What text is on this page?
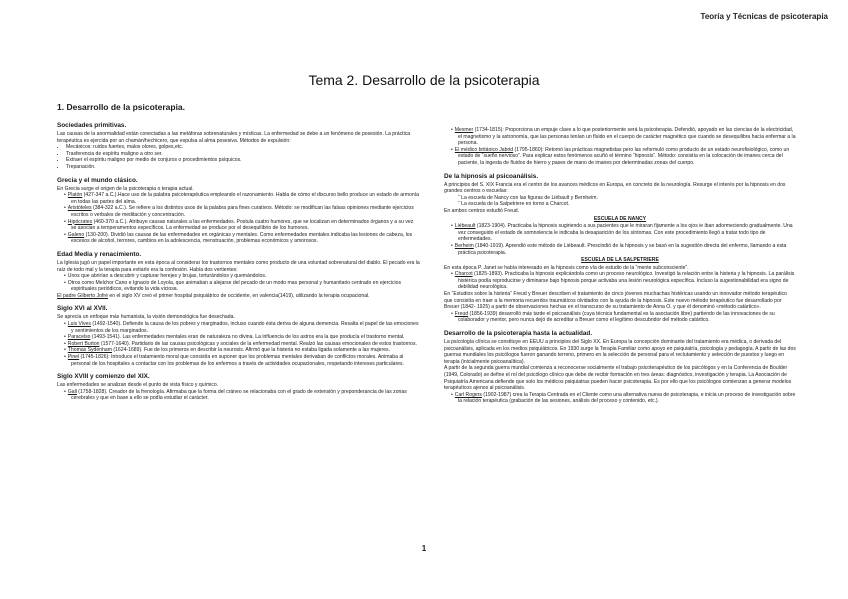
Teoría y Técnicas de psicoterapia
Tema 2. Desarrollo de la psicoterapia
1. Desarrollo de la psicoterapia.
Sociedades primitivas.

Las causas de la anormalidad están conectadas a las metáforas sobrenaturales y místicas. La enfermedad se debe a un fenómeno de posesión. La práctica terapéutica es ejercida por un chamán/hechicero, que expulsa al alma posesiva. Métodos de expulsión:

• Mecánicos: ruidos fuertes, malos olores, golpes,etc.
• Trasferencia de espíritu maligno a otro ser.
• Extraer el espíritu maligno por medio de conjuros o procedimientos psíquicos.
• Trepanación.
Grecia y el mundo clásico.

En Grecia surge el origen de la psicoterapia o terapia actual.

• Platón (427-347 a.C.).Hace uso de la palabra psicoterapéutica empleando el razonamiento. Habla de cómo el discurso bello produce un estado de armonía en todas las partes del alma.
• Aristóteles (384-322 a.C.). Se refiere a los distintos usos de la palabra para fines curativos. Método: se modifican las falsas opiniones mediante ejercicios escritos o verbales de meditación y concentración.
• Hipócrates (460-370 a.C.). Atribuye causas naturales a las enfermedades. Postula cuatro humores, que se localizan en determinados órganos y a su vez se asocian a temperamentos específicos. La enfermedad se produce por el desequilibrio de los humores.
• Galeno (130-200). Dividió las causas de las enfermedades en orgánicas y mentales. Como enfermedades mentales indicaba las lesiones de cabeza, los excesos de alcohol, terrores, cambios en la adolescencia, menstruación, problemas económicos y amorosos.
Edad Media y renacimiento.

La Iglesia jugó un papel importante en esta época al considerar los trastornos mentales como producto de una voluntad sobrenatural del diablo. El pecado era la raíz de todo mal y la terapia para evitarlo era la confesión. Había dos vertientes:

• Unos que abrirían a descubrir y capturar herejes y brujas, torturándolos y quemándolos.
• Otros como Melchor Cano e Ignacio de Loyola, que animaban a alejarse del pecado de un modo mas personal y humanitario centrado en ejercicios espirituales periódicos, evitando la vida viciosa.

El padre Gilberto Jofré en el siglo XV creó el primer hospital psiquiátrico de occidente, en valencia(1419), utilizando la terapia ocupacional.

Siglo XVI al XVII.

Se aprecia un enfoque más humanista, la visión demonológica fue desechada.

• Luis Vives (1492-1540). Defiende la causa de los pobres y marginados, incluso cuando ésta deriva de alguna demencia. Resalta el papel de las emociones y sentimientos de los marginados.
• Paracelso (1493-1541). Las enfermedades mentales eran de naturaleza no divina. La influencia de los astros era la que producía el trastorno mental.
• Robert Burton (1577-1640). Partidario de las causas psicológicas y sociales de la enfermedad mental. Realzó las causas emocionales de estos trastornos.
• Thomas Sydenham (1624-1689). Fue de los primeros en describir la neurosis. Afirmó que la histeria no estaba ligada solamente a las mujeres.
• Pinel (1745-1826): Introduce el tratamiento moral que consistía en suponer que los problemas mentales derivaban de conflictos morales. Animaba al personal de los hospitales a contactar con los problemas de los enfermos a través de actividades ocupacionales, respetando intereses particulares.
Siglo XVIII y comienzo del XIX.

Las enfermedades se analizan desde el punto de vista físico y químico.

• Gall (1758-1828). Creador de la frenología. Afirmaba que la forma del cráneo se relacionaba con el grado de extensión y preponderancia de las zonas cerebrales y que en base a ello se podía estudiar el carácter.
• Mesmer (1734-1815): Proporciona un empuje clave a lo que posteriormente será la psicoterapia. Defendió, apoyado en las ciencias de la electricidad, el magnetismo y la astronomía, que las personas tenían un fluido en el cuerpo de carácter magnético que cuando se desequilibra hacía enfermar a la persona.
• El médico británico Jabrid (1795-1860): Retomó las prácticas magnetistas pero las reformuló como producto de un estado neurofisiológico, como un estado de “sueño nervioso”. Para explicar estos fenómenos acuñó el término “hipnosis”. Método: consistía en la colocación de imanes cerca del paciente, la ingesta de fluidos de hierro y pases de mano de imanes por determinadas zonas del cuerpo.
De la hipnosis al psicoanálisis.

A principios del S. XIX Francia era el centro de los avances médicos en Europa, en concreto de la neurología. Resurge el interés por la hipnosis en dos grandes centros o escuelas:

“ La escuela de Nancy con las figuras de Liébault y Bernheim.

“ La escuela de la Salpetriere en torno a Charcot.

En ambos centros estudió Freud.

ESCUELA DE NANCY

• Liébeault (1823-1904). Practicaba la hipnosis sugiriendo a sus pacientes que le miraran fijamente a los ojos ie iban adormeciendo gradualmente. Una vez conseguido el estado de somnolencia le indicaba la desaparición de los síntomas. Con este procedimiento llegó a tratar todo tipo de enfermedades.
• Berheim (1840-1919). Aprendió este método de Liébeault. Prescindió de la hipnosis y se basó en la sugestión directa del enfermo, llamando a esta práctica psicoterapia.

ESCUELA DE LA SALPETRIERE

En esta época P. Janet se había interesado en la hipnosis como vía de estudio de la “mente subconsciente”.

• Charcot (1825-1893). Practicaba la hipnosis explicándola como un proceso neurológico. Investigó la relación entre la histeria y la hipnosis. La parálisis histérica podía reproducirse y diminarse bajo hipnosis porque activaba una lesión neurológica específica. Incluso la sugestionabilidad era signo de debilidad neurológica.

En “Estudios sobre la histeria” Freud y Breuer describen el tratamiento de cinco jóvenes muchachas histéricas usando un innovador método terapéutico que consistía en traer a la memoria recuerdos traumáticos olvidados con la ayuda de la hipnosis. Este nuevo método terapéutico fue desarrollado por Breuer (1842- 1925) a partir de observaciones hechas en el transcurso de su tratamiento de Anna O. y que él denominó «método catártico».

• Freud (1856-1939) desarrolló más tarde el psicoanálisis (cuya técnica fundamental es la asociación libre) partiendo de las innovaciones de su colaborador y mentor, pero nunca dejó de acreditar a Breuer como el legítimo descubridor del método catártico.
Desarrollo de la psicoterapia hasta la actualidad.

La psicología clínica se constituye en EEUU a principios del Siglo XX. En Europa la concepción dominante del tratamiento era médica, o derivada del psicoanálisis, aplicada en los medios psiquiátricos. En 1930 surge la Terapia Familiar como apoyo en psiquiatría, psicología y pedagogía. A partir de las dos guerras mundiales los psicólogos fueron ganando terreno, primero en la selección de personal para el reclutamiento y selección de puestos y luego en terapia (inicialmente psicoanalítica).

A partir de la segunda guerra mundial comienza a reconocerse socialmente el trabajo psicoterapéutico de los psicólogos y en la Conferencia de Boulder (1949, Colorado) se define el rol del psicólogo clínico que debe de recibir formación en tres áreas: diagnóstico, investigación y terapia. La Asociación de Psiquiatría Americana defiende que solo los médicos psiquiatras pueden hacer psicoterapia. Es por ello que los psicólogos comienzan a generar modelos terapéuticos ajenos al psicoanálisis.

• Carl Rogers (1902-1987) crea la Terapia Centrada en el Cliente como una alternativa nueva de psicoterapia, e inicia un proceso de investigación sobre la relación terapéutica (grabación de las sesiones, análisis del proceso y contenido, etc.).
1
